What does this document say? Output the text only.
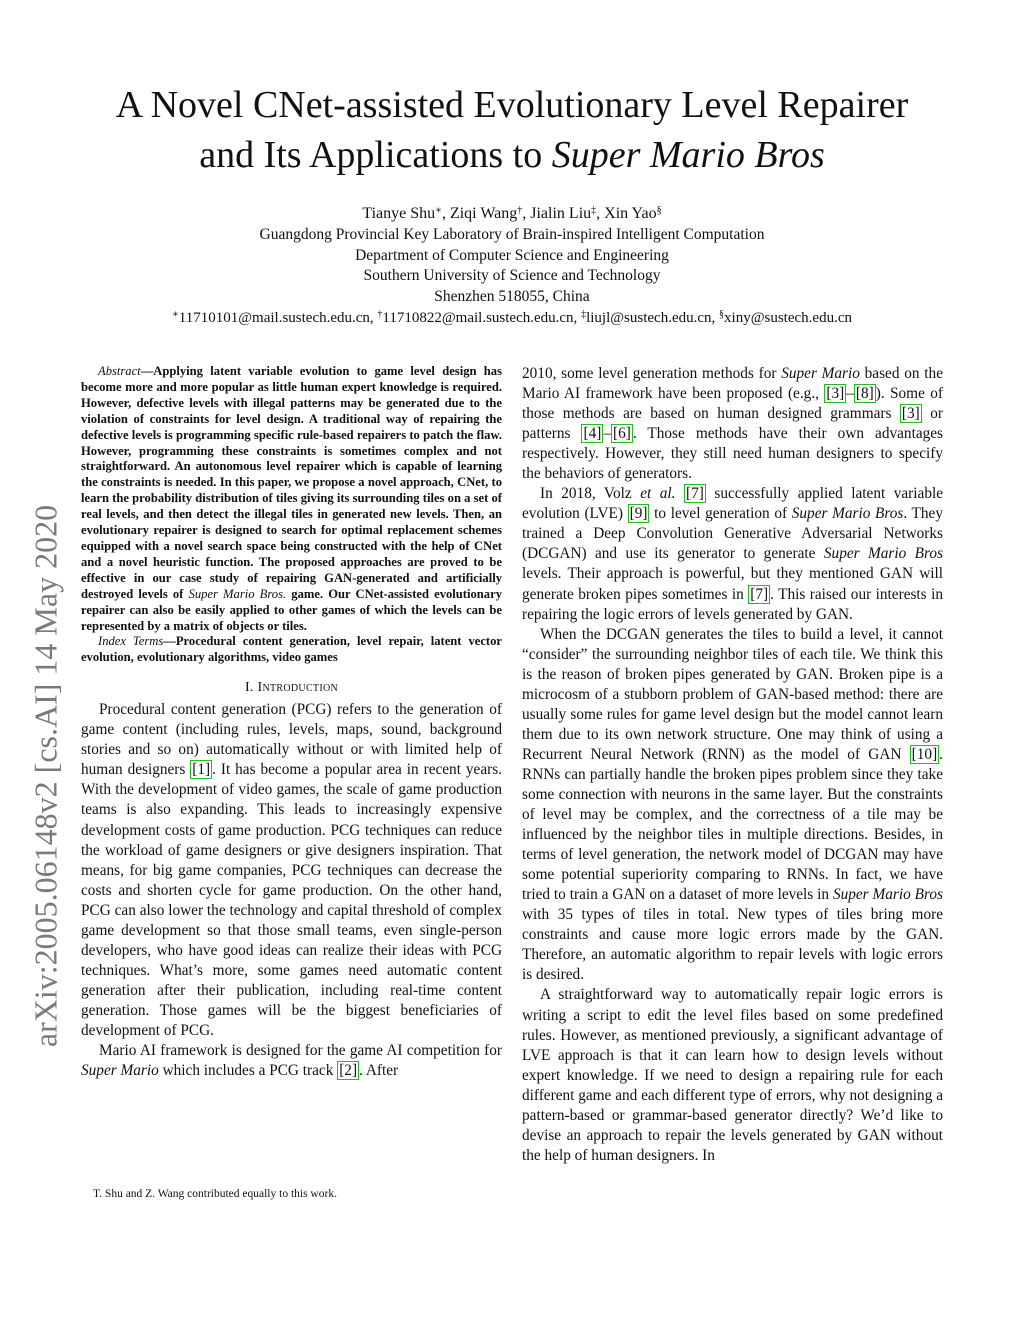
A Novel CNet-assisted Evolutionary Level Repairer
and Its Applications to Super Mario Bros
Tianye Shu∗, Ziqi Wang†, Jialin Liu‡, Xin Yao§
Guangdong Provincial Key Laboratory of Brain-inspired Intelligent Computation
Department of Computer Science and Engineering
Southern University of Science and Technology
Shenzhen 518055, China
∗11710101@mail.sustech.edu.cn, †11710822@mail.sustech.edu.cn, ‡liujl@sustech.edu.cn, §xiny@sustech.edu.cn
arXiv:2005.06148v2 [cs.AI] 14 May 2020

Abstract—Applying latent variable evolution to game level design has become more and more popular as little human expert knowledge is required. However, defective levels with illegal patterns may be generated due to the violation of constraints for level design. A traditional way of repairing the defective levels is programming specific rule-based repairers to patch the flaw. However, programming these constraints is sometimes complex and not straightforward. An autonomous level repairer which is capable of learning the constraints is needed. In this paper, we propose a novel approach, CNet, to learn the probability distribution of tiles giving its surrounding tiles on a set of real levels, and then detect the illegal tiles in generated new levels. Then, an evolutionary repairer is designed to search for optimal replacement schemes equipped with a novel search space being constructed with the help of CNet and a novel heuristic function. The proposed approaches are proved to be effective in our case study of repairing GAN-generated and artificially destroyed levels of Super Mario Bros. game. Our CNet-assisted evolutionary repairer can also be easily applied to other games of which the levels can be represented by a matrix of objects or tiles.

Index Terms—Procedural content generation, level repair, latent vector evolution, evolutionary algorithms, video games

I. Introduction

Procedural content generation (PCG) refers to the generation of game content (including rules, levels, maps, sound, background stories and so on) automatically without or with limited help of human designers [1] . It has become a popular area in recent years. With the development of video games, the scale of game production teams is also expanding. This leads to increasingly expensive development costs of game production. PCG techniques can reduce the workload of game designers or give designers inspiration. That means, for big game companies, PCG techniques can decrease the costs and shorten cycle for game production. On the other hand, PCG can also lower the technology and capital threshold of complex game development so that those small teams, even single-person developers, who have good ideas can realize their ideas with PCG techniques. What’s more, some games need automatic content generation after their publication, including real-time content generation. Those games will be the biggest beneficiaries of development of PCG.

Mario AI framework is designed for the game AI competition for Super Mario which includes a PCG track [2] . After

T. Shu and Z. Wang contributed equally to this work.

2010, some level generation methods for Super Mario based on the Mario AI framework have been proposed (e.g., [3] – [8] ). Some of those methods are based on human designed grammars [3] or patterns [4] – [6] . Those methods have their own advantages respectively. However, they still need human designers to specify the behaviors of generators.

In 2018, Volz et al. [7] successfully applied latent variable evolution (LVE) [9] to level generation of Super Mario Bros. They trained a Deep Convolution Generative Adversarial Networks (DCGAN) and use its generator to generate Super Mario Bros levels. Their approach is powerful, but they mentioned GAN will generate broken pipes sometimes in [7] . This raised our interests in repairing the logic errors of levels generated by GAN.

When the DCGAN generates the tiles to build a level, it cannot “consider” the surrounding neighbor tiles of each tile. We think this is the reason of broken pipes generated by GAN. Broken pipe is a microcosm of a stubborn problem of GAN-based method: there are usually some rules for game level design but the model cannot learn them due to its own network structure. One may think of using a Recurrent Neural Network (RNN) as the model of GAN [10] . RNNs can partially handle the broken pipes problem since they take some connection with neurons in the same layer. But the constraints of level may be complex, and the correctness of a tile may be influenced by the neighbor tiles in multiple directions. Besides, in terms of level generation, the network model of DCGAN may have some potential superiority comparing to RNNs. In fact, we have tried to train a GAN on a dataset of more levels in Super Mario Bros with 35 types of tiles in total. New types of tiles bring more constraints and cause more logic errors made by the GAN. Therefore, an automatic algorithm to repair levels with logic errors is desired.

A straightforward way to automatically repair logic errors is writing a script to edit the level files based on some predefined rules. However, as mentioned previously, a significant advantage of LVE approach is that it can learn how to design levels without expert knowledge. If we need to design a repairing rule for each different game and each different type of errors, why not designing a pattern-based or grammar-based generator directly? We’d like to devise an approach to repair the levels generated by GAN without the help of human designers. In
